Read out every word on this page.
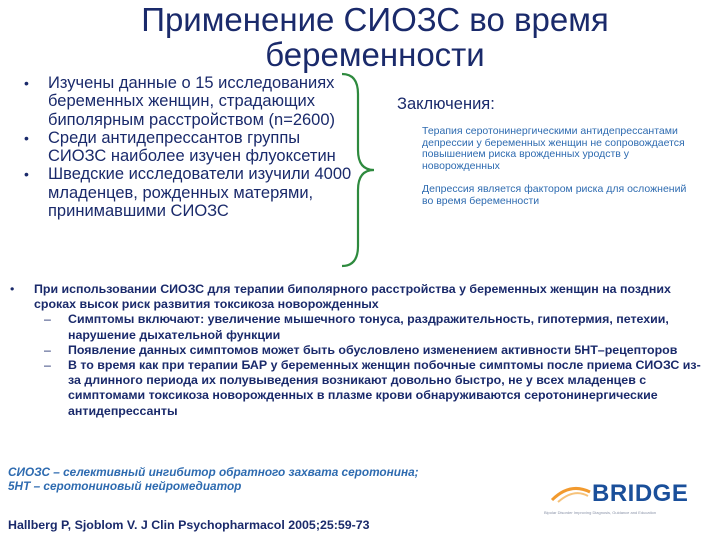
Применение СИОЗС во время беременности
• Изучены данные о 15 исследованиях беременных женщин, страдающих биполярным расстройством (n=2600)
• Среди антидепрессантов группы СИОЗС наиболее изучен флуоксетин
• Шведские исследователи изучили 4000 младенцев, рожденных матерями, принимавшими СИОЗС
Заключения:
Терапия серотонинергическими антидепрессантами депрессии у беременных женщин не сопровождается повышением риска врожденных уродств у новорожденных
Депрессия является фактором риска для осложнений во время беременности
• При использовании СИОЗС для терапии биполярного расстройства у беременных женщин на поздних сроках высок риск развития токсикоза новорожденных
– Симптомы включают: увеличение мышечного тонуса, раздражительность, гипотермия, петехии, нарушение дыхательной функции
– Появление данных симптомов может быть обусловлено изменением активности 5НТ–рецепторов
– В то время как при терапии БАР у беременных женщин побочные симптомы после приема СИОЗС из-за длинного периода их полувыведения возникают довольно быстро, не у всех младенцев с симптомами токсикоза новорожденных в плазме крови обнаруживаются серотонинергические антидепрессанты
СИОЗС – селективный ингибитор обратного захвата серотонина;
5НТ – серотониновый нейромедиатор
Hallberg P, Sjoblom V. J Clin Psychopharmacol 2005;25:59-73
BRIDGE
Bipolar Disorder Improving Diagnosis, Guidance and Education
